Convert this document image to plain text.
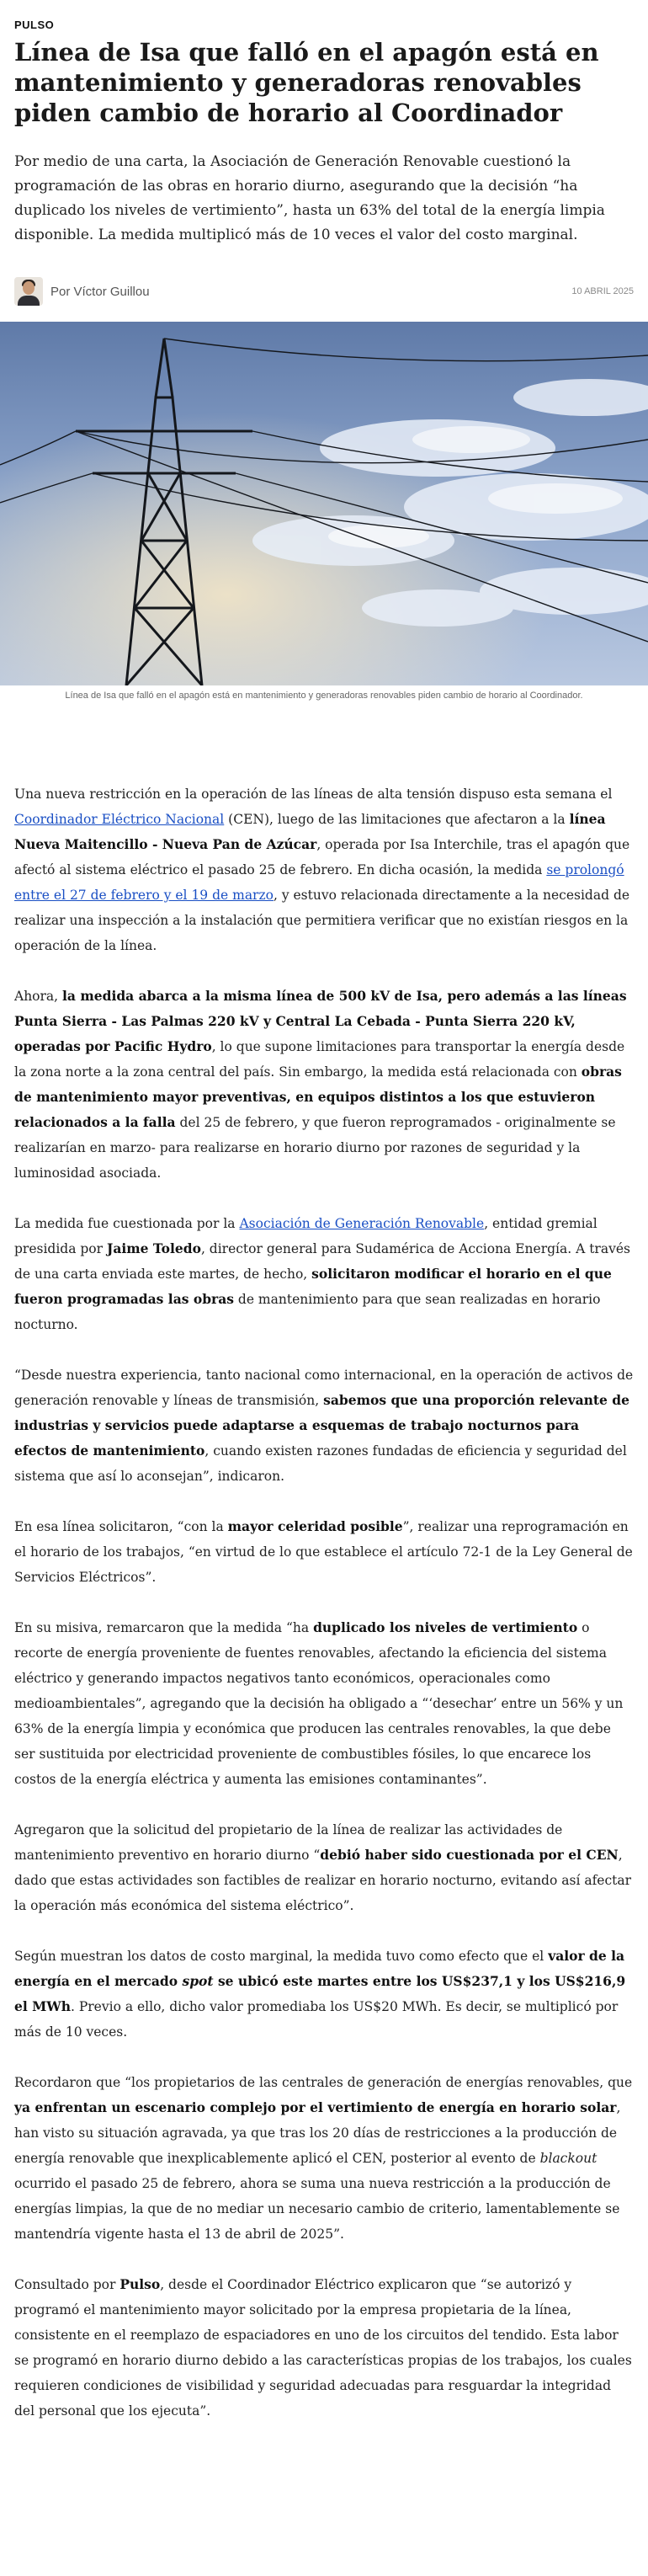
PULSO
Línea de Isa que falló en el apagón está en mantenimiento y generadoras renovables piden cambio de horario al Coordinador

Por medio de una carta, la Asociación de Generación Renovable cuestionó la programación de las obras en horario diurno, asegurando que la decisión “ha duplicado los niveles de vertimiento”, hasta un 63% del total de la energía limpia disponible. La medida multiplicó más de 10 veces el valor del costo marginal.

Por Víctor Guillou	10 ABRIL 2025
Línea de Isa que falló en el apagón está en mantenimiento y generadoras renovables piden cambio de horario al Coordinador.

Una nueva restricción en la operación de las líneas de alta tensión dispuso esta semana el Coordinador Eléctrico Nacional (CEN), luego de las limitaciones que afectaron a la línea Nueva Maitencillo - Nueva Pan de Azúcar, operada por Isa Interchile, tras el apagón que afectó al sistema eléctrico el pasado 25 de febrero. En dicha ocasión, la medida se prolongó entre el 27 de febrero y el 19 de marzo, y estuvo relacionada directamente a la necesidad de realizar una inspección a la instalación que permitiera verificar que no existían riesgos en la operación de la línea.

Ahora, la medida abarca a la misma línea de 500 kV de Isa, pero además a las líneas Punta Sierra - Las Palmas 220 kV y Central La Cebada - Punta Sierra 220 kV, operadas por Pacific Hydro, lo que supone limitaciones para transportar la energía desde la zona norte a la zona central del país. Sin embargo, la medida está relacionada con obras de mantenimiento mayor preventivas, en equipos distintos a los que estuvieron relacionados a la falla del 25 de febrero, y que fueron reprogramados - originalmente se realizarían en marzo- para realizarse en horario diurno por razones de seguridad y la luminosidad asociada.

La medida fue cuestionada por la Asociación de Generación Renovable, entidad gremial presidida por Jaime Toledo, director general para Sudamérica de Acciona Energía. A través de una carta enviada este martes, de hecho, solicitaron modificar el horario en el que fueron programadas las obras de mantenimiento para que sean realizadas en horario nocturno.

“Desde nuestra experiencia, tanto nacional como internacional, en la operación de activos de generación renovable y líneas de transmisión, sabemos que una proporción relevante de industrias y servicios puede adaptarse a esquemas de trabajo nocturnos para efectos de mantenimiento, cuando existen razones fundadas de eficiencia y seguridad del sistema que así lo aconsejan”, indicaron.

En esa línea solicitaron, “con la mayor celeridad posible”, realizar una reprogramación en el horario de los trabajos, “en virtud de lo que establece el artículo 72-1 de la Ley General de Servicios Eléctricos”.

En su misiva, remarcaron que la medida “ha duplicado los niveles de vertimiento o recorte de energía proveniente de fuentes renovables, afectando la eficiencia del sistema eléctrico y generando impactos negativos tanto económicos, operacionales como medioambientales”, agregando que la decisión ha obligado a “‘desechar’ entre un 56% y un 63% de la energía limpia y económica que producen las centrales renovables, la que debe ser sustituida por electricidad proveniente de combustibles fósiles, lo que encarece los costos de la energía eléctrica y aumenta las emisiones contaminantes”.

Agregaron que la solicitud del propietario de la línea de realizar las actividades de mantenimiento preventivo en horario diurno “debió haber sido cuestionada por el CEN, dado que estas actividades son factibles de realizar en horario nocturno, evitando así afectar la operación más económica del sistema eléctrico”.

Según muestran los datos de costo marginal, la medida tuvo como efecto que el valor de la energía en el mercado spot se ubicó este martes entre los US$237,1 y los US$216,9 el MWh. Previo a ello, dicho valor promediaba los US$20 MWh. Es decir, se multiplicó por más de 10 veces.

Recordaron que “los propietarios de las centrales de generación de energías renovables, que ya enfrentan un escenario complejo por el vertimiento de energía en horario solar, han visto su situación agravada, ya que tras los 20 días de restricciones a la producción de energía renovable que inexplicablemente aplicó el CEN, posterior al evento de blackout ocurrido el pasado 25 de febrero, ahora se suma una nueva restricción a la producción de energías limpias, la que de no mediar un necesario cambio de criterio, lamentablemente se mantendría vigente hasta el 13 de abril de 2025”.

Consultado por Pulso, desde el Coordinador Eléctrico explicaron que “se autorizó y programó el mantenimiento mayor solicitado por la empresa propietaria de la línea, consistente en el reemplazo de espaciadores en uno de los circuitos del tendido. Esta labor se programó en horario diurno debido a las características propias de los trabajos, los cuales requieren condiciones de visibilidad y seguridad adecuadas para resguardar la integridad del personal que los ejecuta”.
